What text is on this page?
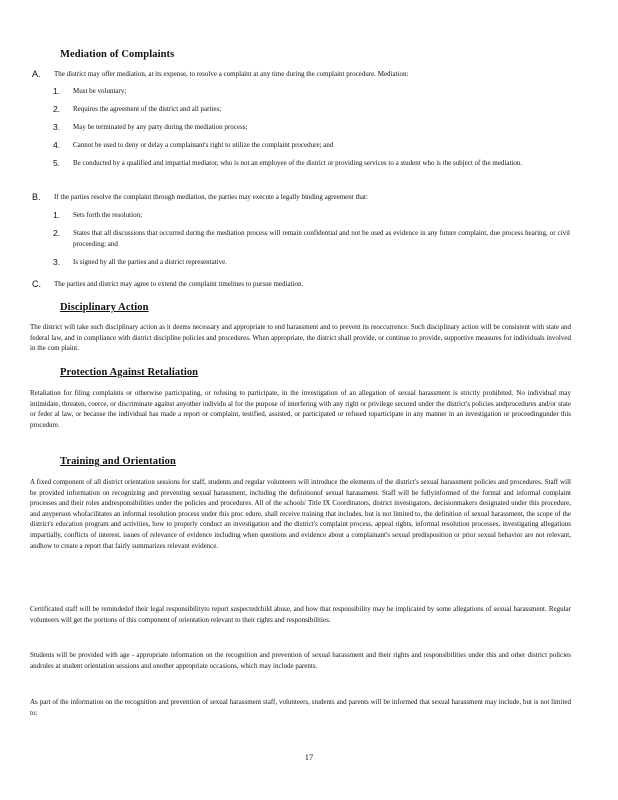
Mediation of Complaints
A. The district may offer mediation, at its expense, to resolve a complaint at any time during the complaint procedure. Mediation:
1. Must be voluntary;
2. Requires the agreement of the district and all parties;
3. May be terminated by any party during the mediation process;
4. Cannot be used to deny or delay a complainant's right to utilize the complaint procedure; and
5. Be conducted by a qualified and impartial mediator, who is not an employee of the district or providing services to a student who is the subject of the mediation.
B. If the parties resolve the complaint through mediation, the parties may execute a legally binding agreement that:
1. Sets forth the resolution;
2. States that all discussions that occurred during the mediation process will remain confidential and not be used as evidence in any future complaint, due process hearing, or civil proceeding; and
3. Is signed by all the parties and a district representative.
C. The parties and district may agree to extend the complaint timelines to pursue mediation.
Disciplinary Action
The district will take such disciplinary action as it deems necessary and appropriate to end harassment and to prevent its reoccurrence. Such disciplinary action will be consistent with state and federal law, and in compliance with district discipline policies and procedures. When appropriate, the district shall provide, or continue to provide, supportive measures for individuals involved in the com plaint.
Protection Against Retaliation
Retaliation for filing complaints or otherwise participating, or refusing to participate, in the investigation of an allegation of sexual harassment is strictly prohibited. No individual may intimidate, threaten, coerce, or discriminate against anyother individu al for the purpose of interfering with any right or privilege secured under the district's policies andprocedures and/or state or feder al law, or because the individual has made a report or complaint, testified, assisted, or participated or refused toparticipate in any manner in an investigation or proceedingunder this procedure.
Training and Orientation
A fixed component of all district orientation sessions for staff, students and regular volunteers will introduce the elements of the district's sexual harassment policies and procedures. Staff will be provided information on recognizing and preventing sexual harassment, including the definitionof sexual harassment. Staff will be fullyinformed of the formal and informal complaint processes and their roles andresponsibilities under the policies and procedures. All of the schools' Title IX Coordinators, district investigators, decisionmakers designated under this procedure, and anyperson whofacilitates an informal resolution process under this proc edure, shall receive training that includes, but is not limited to, the definition of sexual harassment, the scope of the district's education program and activities, how to properly conduct an investigation and the district's complaint process, appeal rights, informal resolution processes, investigating allegations impartially, conflicts of interest, issues of relevance of evidence including when questions and evidence about a complainant's sexual predisposition or prior sexual behavior are not relevant, andhow to create a report that fairly summarizes relevant evidence.
Certificated staff will be remindedof their legal responsibilityto report suspectedchild abuse, and how that responsibility may be implicated by some allegations of sexual harassment. Regular volunteers will get the portions of this component of orientation relevant to their rights and responsibilities.
Students will be provided with age - appropriate information on the recognition and prevention of sexual harassment and their rights and responsibilities under this and other district policies andrules at student orientation sessions and onother appropriate occasions, which may include parents.
As part of the information on the recognition and prevention of sexual harassment staff, volunteers, students and parents will be informed that sexual harassment may include, but is not limited to:
17
